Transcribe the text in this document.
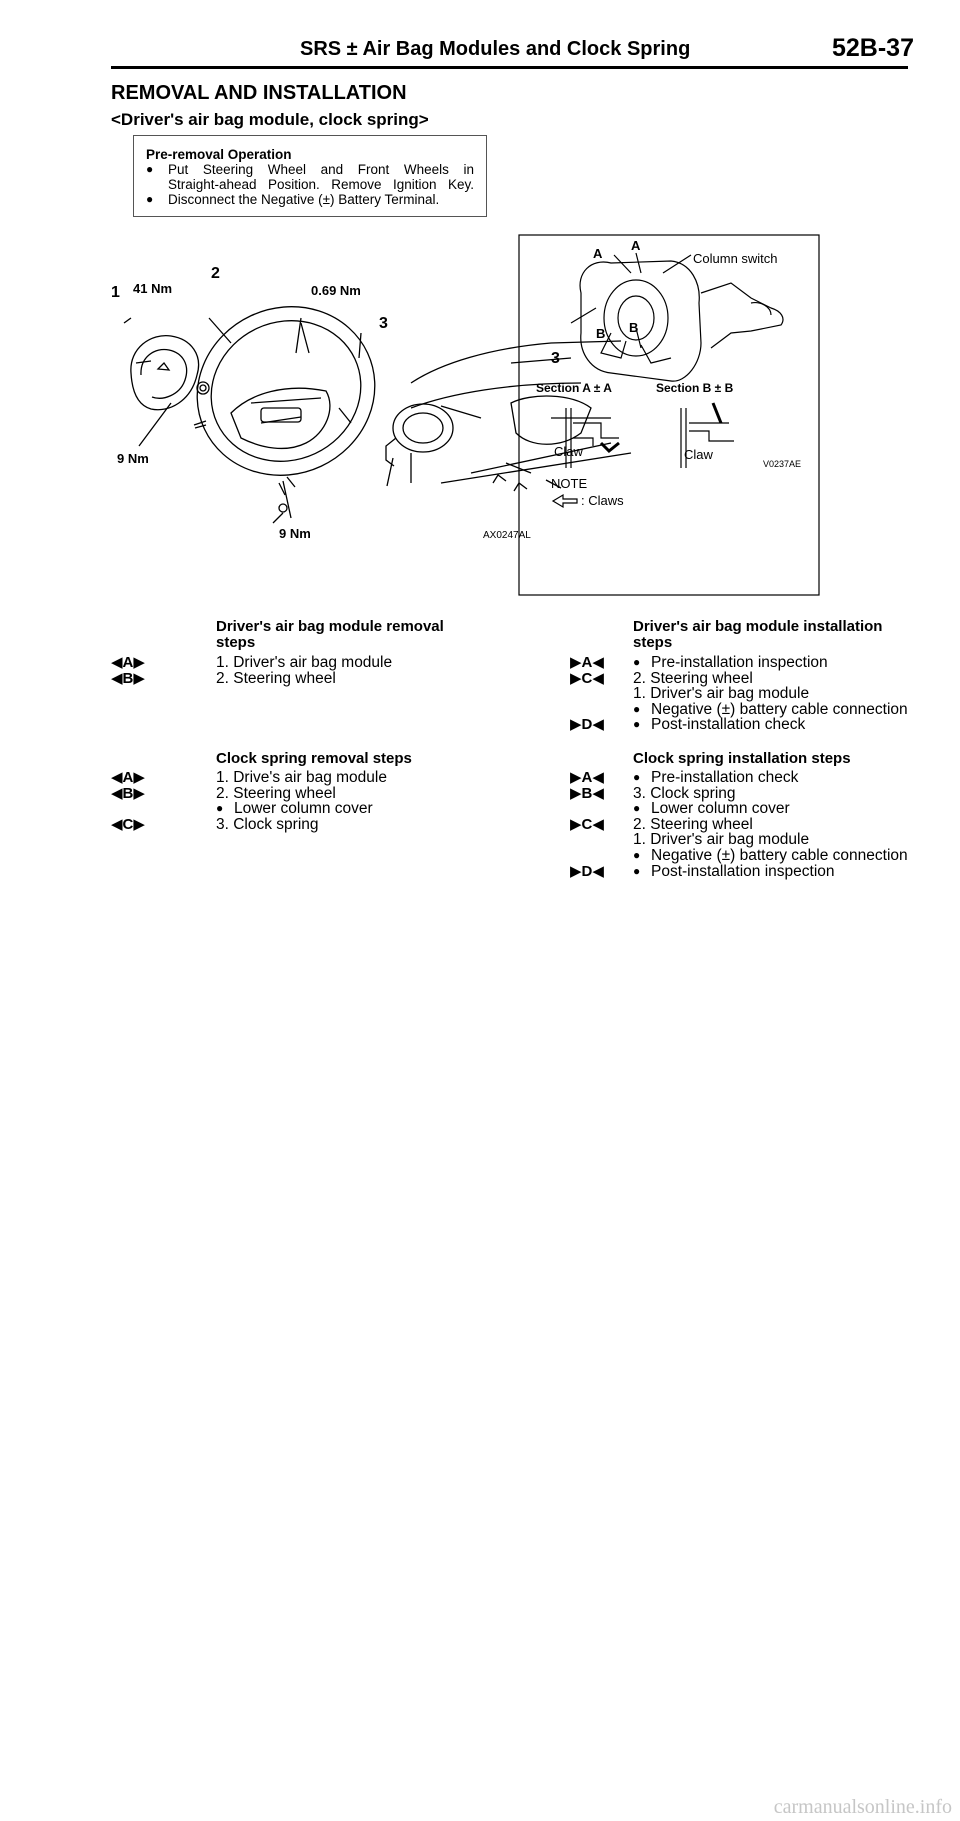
SRS ± Air Bag Modules and Clock Spring	52B-37
REMOVAL AND INSTALLATION
<Driver's air bag module, clock spring>
Pre-removal Operation
● Put Steering Wheel and Front Wheels in
Straight-ahead Position. Remove Ignition Key.
● Disconnect the Negative (±) Battery Terminal.
1 41 Nm
2
0.69 Nm
3
9 Nm
9 Nm	AX0247AL
A
A
B B
3
Column switch
Section A ± A	Section B ± B
Claw	Claw
V0237AE
NOTE
: Claws
Driver's air bag module removal
steps
◀A▶	1. Driver's air bag module
◀B▶	2. Steering wheel
Clock spring removal steps
◀A▶	1. Drive's air bag module
◀B▶	2. Steering wheel
● Lower column cover
◀C▶	3. Clock spring
Driver's air bag module installation
steps
▶A◀	● Pre-installation inspection
▶C◀ 2. Steering wheel
1. Driver's air bag module
● Negative (±) battery cable connection
▶D◀	● Post-installation check
Clock spring installation steps
▶A◀	● Pre-installation check
▶B◀ 3. Clock spring
● Lower column cover
▶C◀ 2. Steering wheel
1. Driver's air bag module
● Negative (±) battery cable connection
▶D◀	● Post-installation inspection
carmanualsonline.info
